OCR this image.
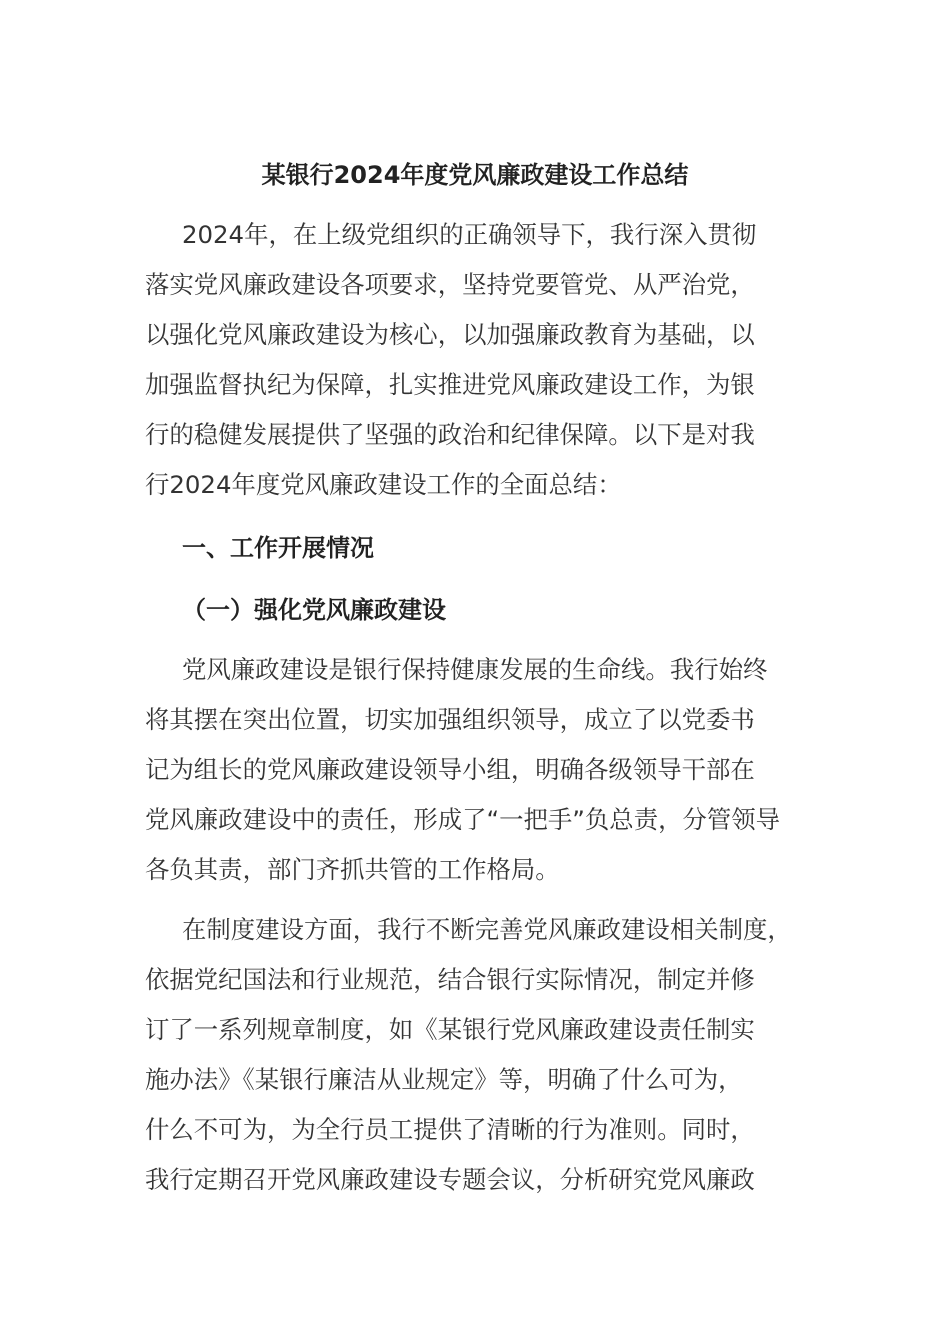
某银行2024年度党风廉政建设工作总结

2024年，在上级党组织的正确领导下，我行深入贯彻
落实党风廉政建设各项要求，坚持党要管党、从严治党，
以强化党风廉政建设为核心，以加强廉政教育为基础，以
加强监督执纪为保障，扎实推进党风廉政建设工作，为银
行的稳健发展提供了坚强的政治和纪律保障。以下是对我
行2024年度党风廉政建设工作的全面总结：

一、工作开展情况
（一）强化党风廉政建设

党风廉政建设是银行保持健康发展的生命线。我行始终
将其摆在突出位置，切实加强组织领导，成立了以党委书
记为组长的党风廉政建设领导小组，明确各级领导干部在
党风廉政建设中的责任，形成了“一把手”负总责，分管领导
各负其责，部门齐抓共管的工作格局。

在制度建设方面，我行不断完善党风廉政建设相关制度，
依据党纪国法和行业规范，结合银行实际情况，制定并修
订了一系列规章制度，如《某银行党风廉政建设责任制实
施办法》《某银行廉洁从业规定》等，明确了什么可为，
什么不可为，为全行员工提供了清晰的行为准则。同时，
我行定期召开党风廉政建设专题会议，分析研究党风廉政
